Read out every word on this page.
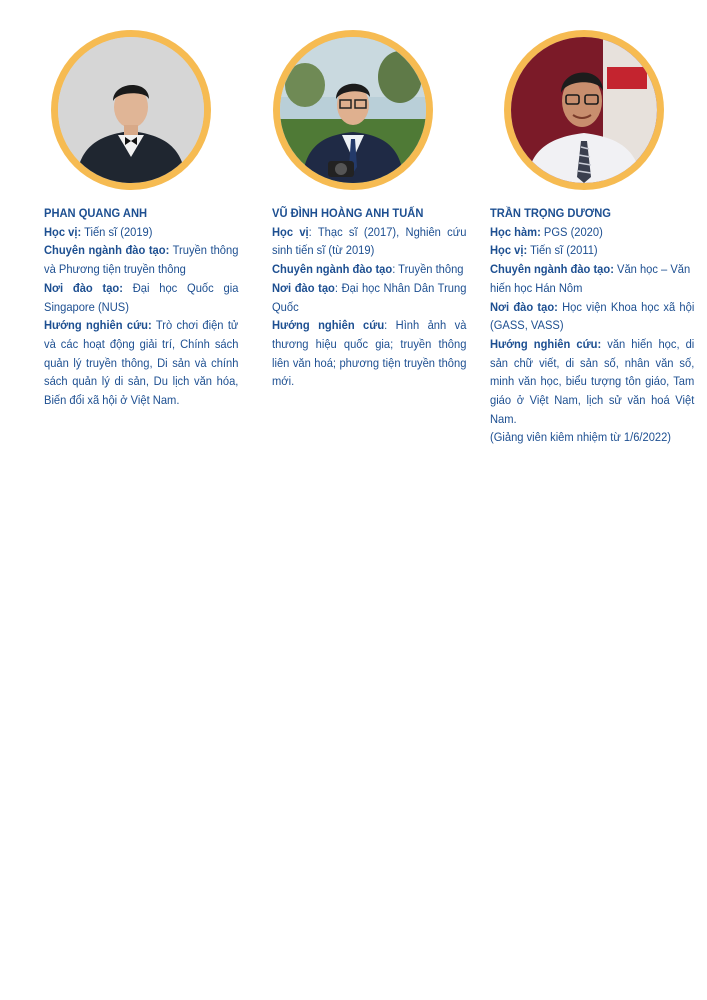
PHAN QUANG ANH

Học vị: Tiến sĩ (2019)

Chuyên ngành đào tạo: Truyền thông và Phương tiện truyền thông

Nơi đào tạo: Đại học Quốc gia Singapore (NUS)

Hướng nghiên cứu: Trò chơi điện tử và các hoạt động giải trí, Chính sách quản lý truyền thông, Di sản và chính sách quản lý di sản, Du lịch văn hóa, Biến đổi xã hội ở Việt Nam.

VŨ ĐÌNH HOÀNG ANH TUẤN

Học vị: Thạc sĩ (2017), Nghiên cứu sinh tiến sĩ (từ 2019)

Chuyên ngành đào tạo: Truyền thông

Nơi đào tạo: Đại học Nhân Dân Trung Quốc

Hướng nghiên cứu: Hình ảnh và thương hiệu quốc gia; truyền thông liên văn hoá; phương tiện truyền thông mới.

TRẦN TRỌNG DƯƠNG

Học hàm: PGS (2020)

Học vị: Tiến sĩ (2011)

Chuyên ngành đào tạo: Văn học – Văn hiến học Hán Nôm

Nơi đào tạo: Học viện Khoa học xã hội (GASS, VASS)

Hướng nghiên cứu: văn hiến học, di sản chữ viết, di sản số, nhân văn số, minh văn học, biểu tượng tôn giáo, Tam giáo ở Việt Nam, lịch sử văn hoá Việt Nam.

(Giảng viên kiêm nhiệm từ 1/6/2022)
